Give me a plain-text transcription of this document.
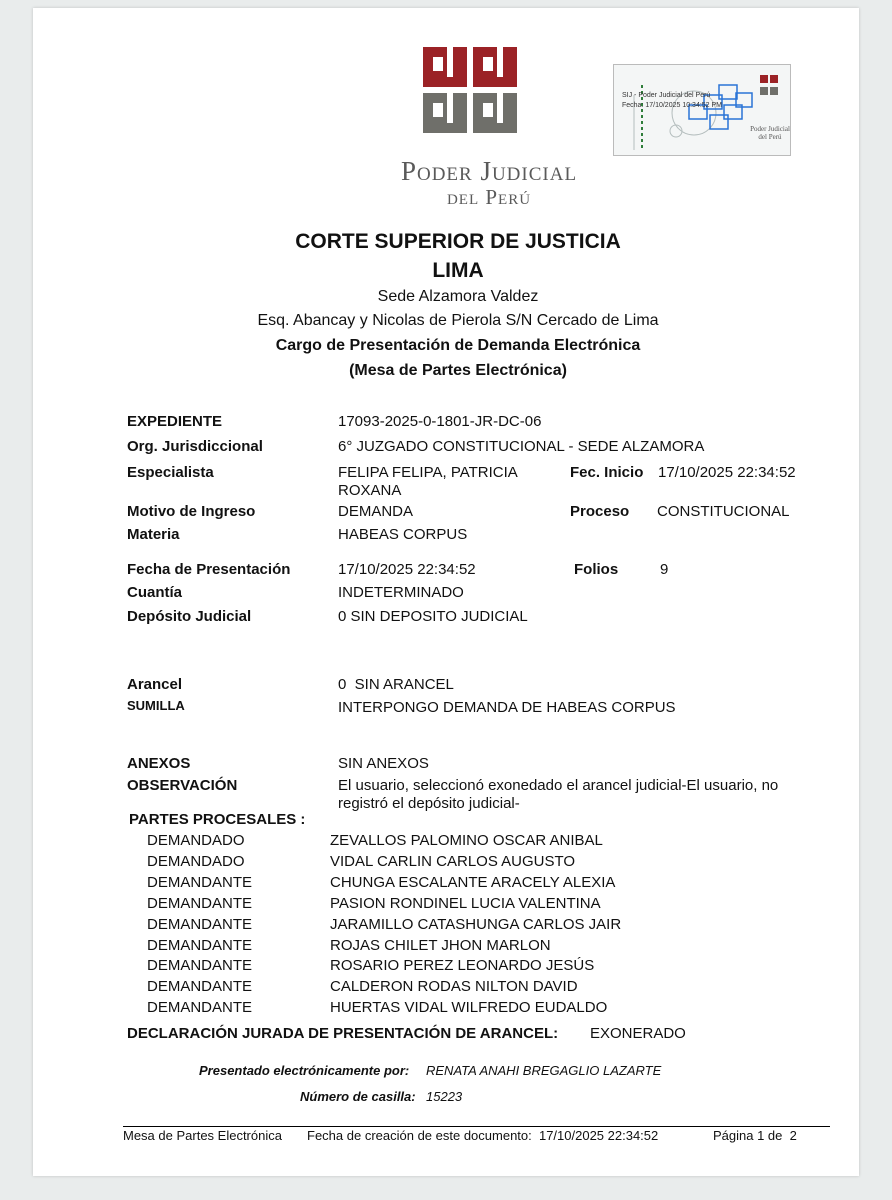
Poder Judicial
del Perú
SIJ - Poder Judicial del Perú
Fecha: 17/10/2025 10:34:52 PM
Poder Judicial
del Perú
CORTE SUPERIOR DE JUSTICIA
LIMA
Sede Alzamora Valdez
Esq. Abancay y Nicolas de Pierola S/N Cercado de Lima
Cargo de Presentación de Demanda Electrónica
(Mesa de Partes Electrónica)
EXPEDIENTE	17093-2025-0-1801-JR-DC-06
Org. Jurisdiccional	6° JUZGADO CONSTITUCIONAL - SEDE ALZAMORA
Especialista	FELIPA FELIPA, PATRICIA
ROXANA
Fec. Inicio 17/10/2025 22:34:52
Motivo de Ingreso	DEMANDA	Proceso CONSTITUCIONAL
Materia	HABEAS CORPUS
Fecha de Presentación	17/10/2025 22:34:52	Folios	9
Cuantía	INDETERMINADO
Depósito Judicial	0 SIN DEPOSITO JUDICIAL
Arancel	0  SIN ARANCEL
SUMILLA	INTERPONGO DEMANDA DE HABEAS CORPUS
ANEXOS	SIN ANEXOS
OBSERVACIÓN	El usuario, seleccionó exonedado el arancel judicial-El usuario, no
registró el depósito judicial-
PARTES PROCESALES :
DEMANDADO	ZEVALLOS PALOMINO OSCAR ANIBAL
DEMANDADO	VIDAL CARLIN CARLOS AUGUSTO
DEMANDANTE	CHUNGA ESCALANTE ARACELY ALEXIA
DEMANDANTE	PASION RONDINEL LUCIA VALENTINA
DEMANDANTE	JARAMILLO CATASHUNGA CARLOS JAIR
DEMANDANTE	ROJAS CHILET JHON MARLON
DEMANDANTE	ROSARIO PEREZ LEONARDO JESÚS
DEMANDANTE	CALDERON RODAS NILTON DAVID
DEMANDANTE	HUERTAS VIDAL WILFREDO EUDALDO
DECLARACIÓN JURADA DE PRESENTACIÓN DE ARANCEL: EXONERADO
Presentado electrónicamente por: RENATA ANAHI BREGAGLIO LAZARTE
Número de casilla: 15223
Mesa de Partes Electrónica Fecha de creación de este documento:  17/10/2025 22:34:52	Página 1 de  2
